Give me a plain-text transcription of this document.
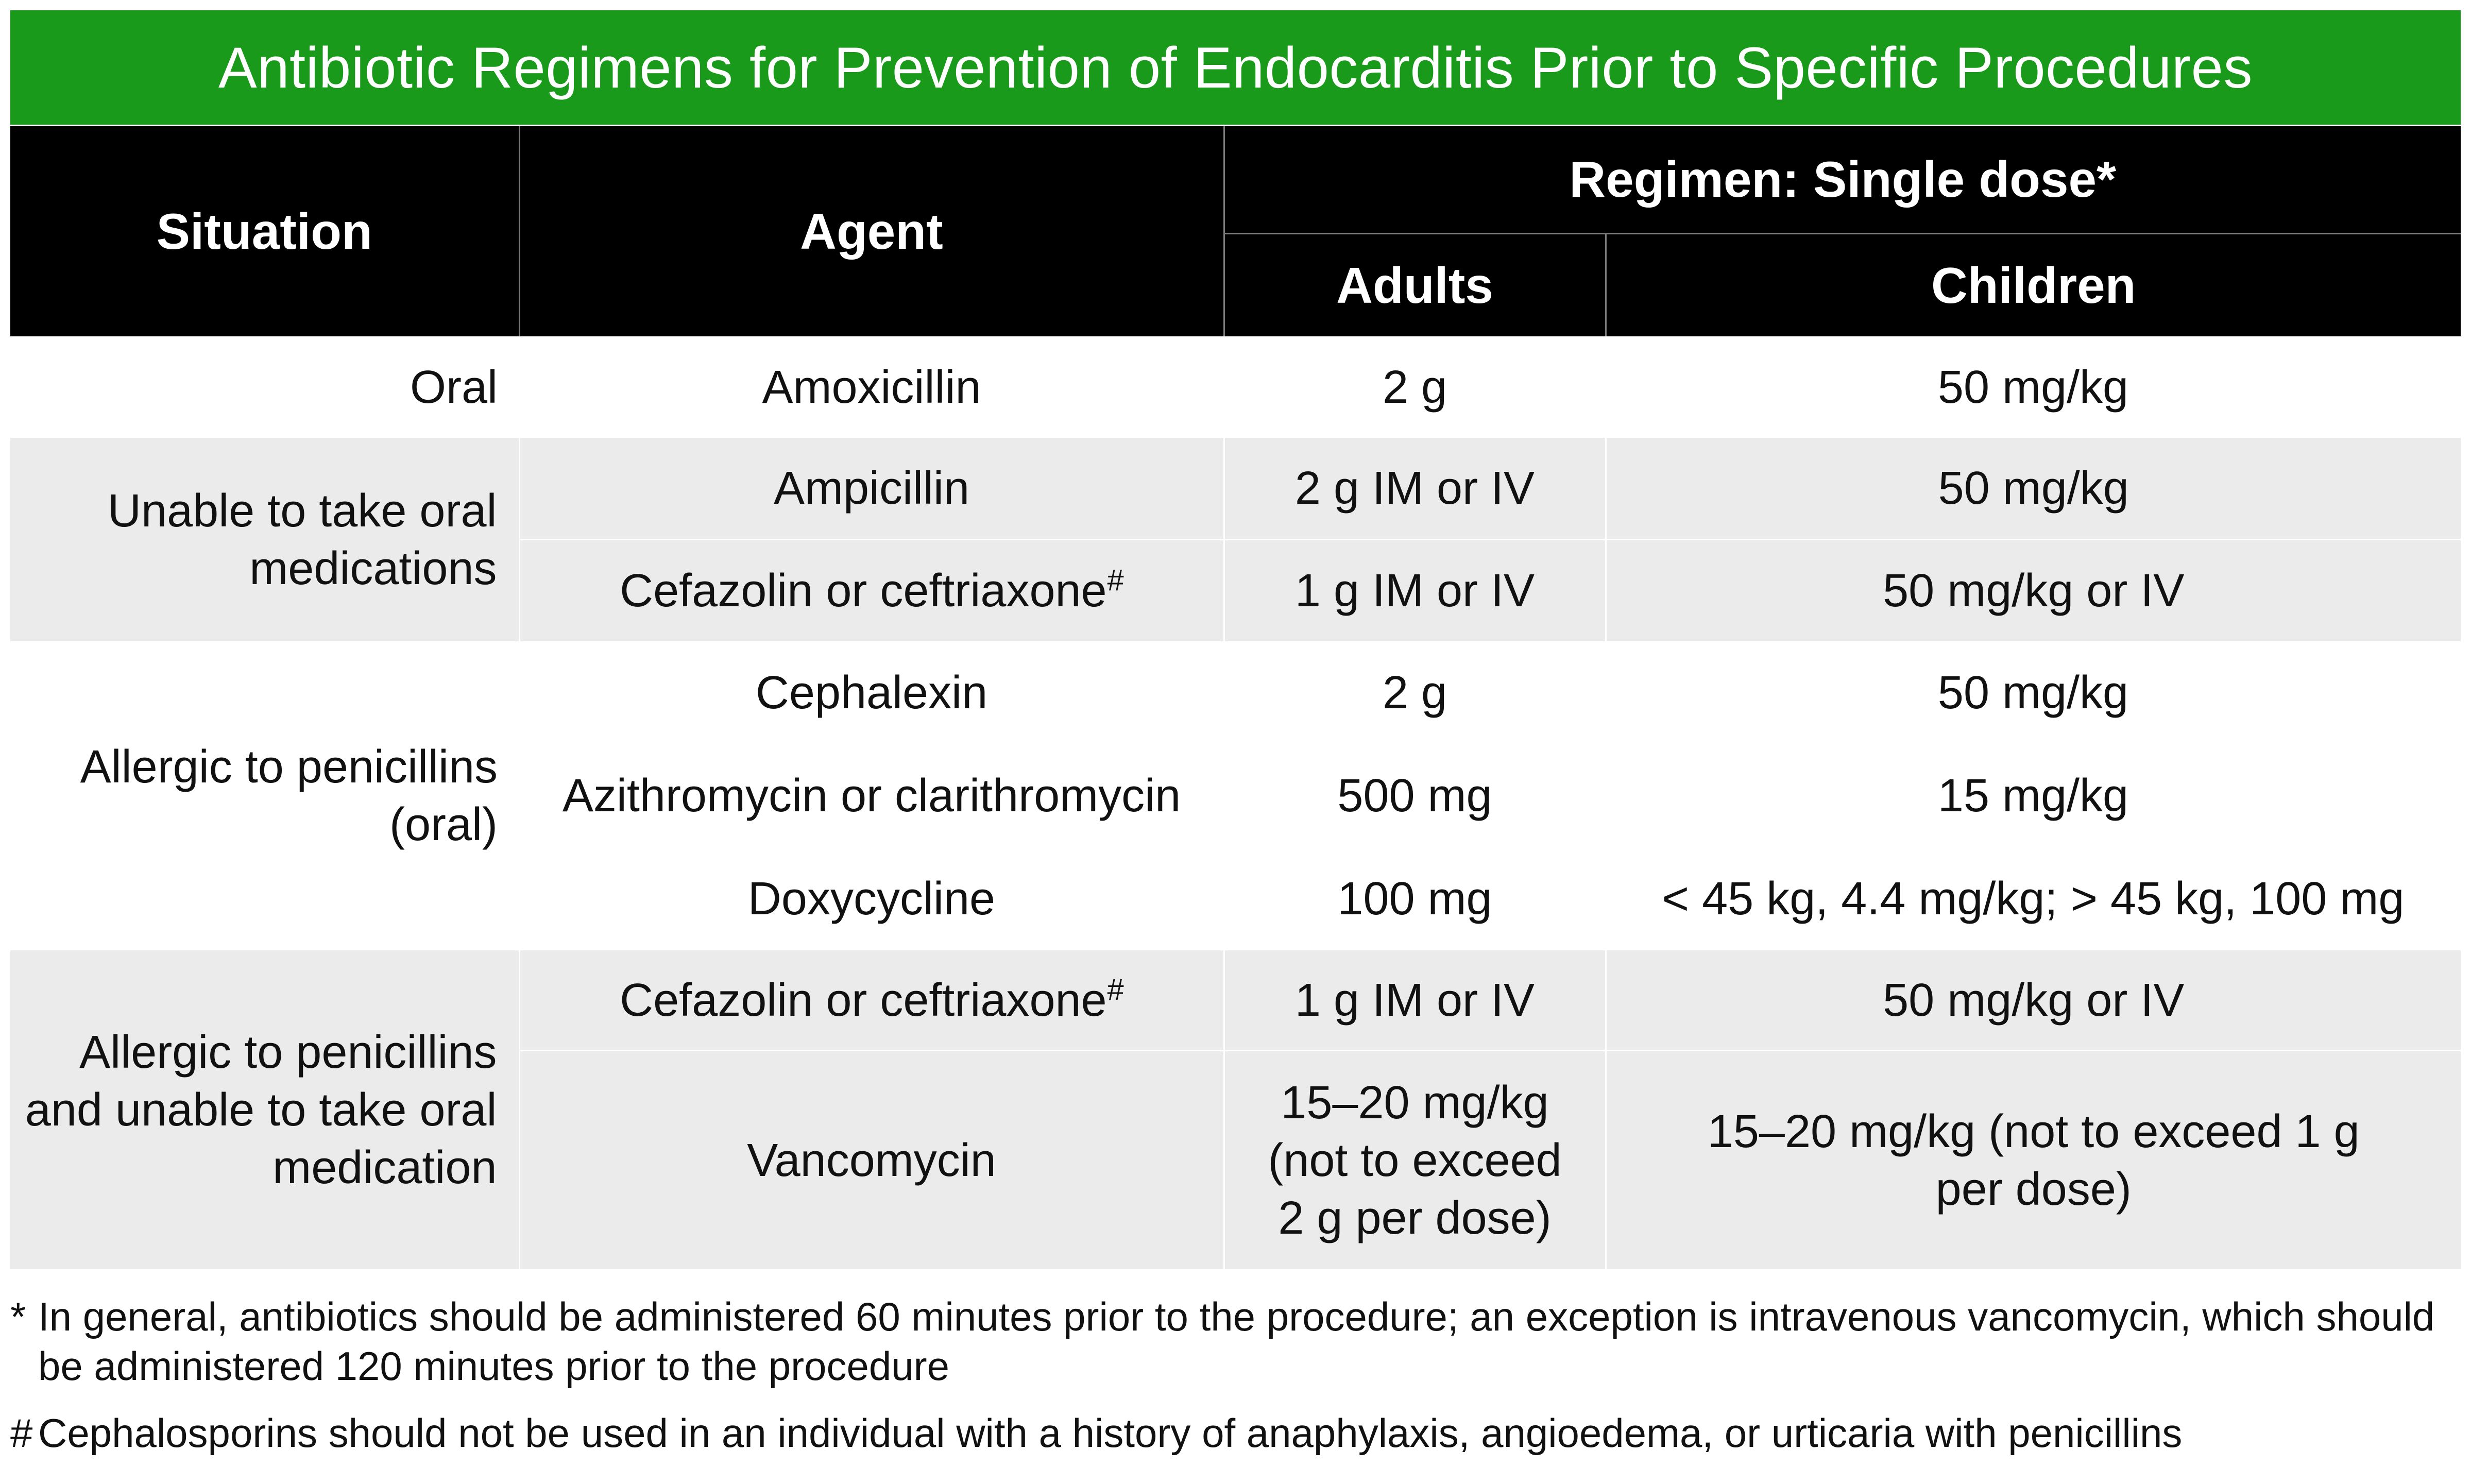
Antibiotic Regimens for Prevention of Endocarditis Prior to Specific Procedures
Situation	Agent	Regimen: Single dose*	
		Adults	Children
Oral	Amoxicillin	2 g	50 mg/kg
Unable to take oral medications	Ampicillin	2 g IM or IV	50 mg/kg
	Cefazolin or ceftriaxone#	1 g IM or IV	50 mg/kg or IV
Allergic to penicillins (oral)	Cephalexin	2 g	50 mg/kg
	Azithromycin or clarithromycin	500 mg	15 mg/kg
	Doxycycline	100 mg	< 45 kg, 4.4 mg/kg; > 45 kg, 100 mg
Allergic to penicillins and unable to take oral medication	Cefazolin or ceftriaxone#	1 g IM or IV	50 mg/kg or IV
	Vancomycin	15–20 mg/kg (not to exceed 2 g per dose)	15–20 mg/kg (not to exceed 1 g per dose)
* In general, antibiotics should be administered 60 minutes prior to the procedure; an exception is intravenous vancomycin, which should be administered 120 minutes prior to the procedure
# Cephalosporins should not be used in an individual with a history of anaphylaxis, angioedema, or urticaria with penicillins
